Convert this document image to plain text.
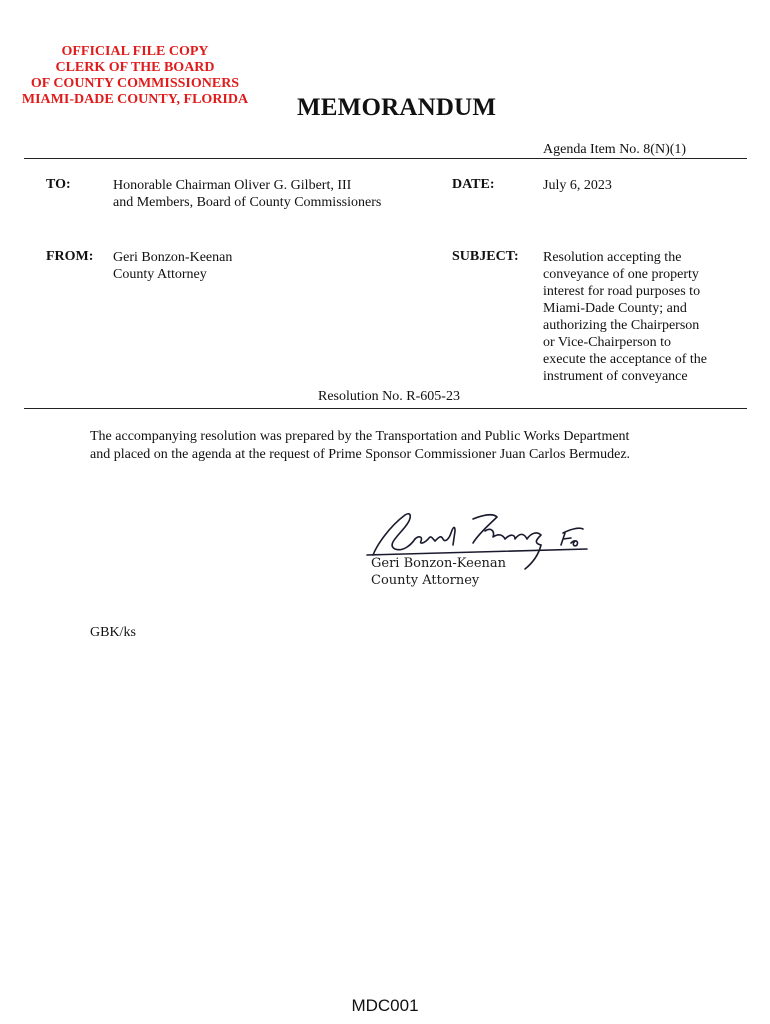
OFFICIAL FILE COPY
CLERK OF THE BOARD
OF COUNTY COMMISSIONERS
MIAMI-DADE COUNTY, FLORIDA	MEMORANDUM
Agenda Item No. 8(N)(1)
TO:	Honorable Chairman Oliver G. Gilbert, III
and Members, Board of County Commissioners
DATE:	July 6, 2023
FROM: Geri Bonzon-Keenan
County Attorney
SUBJECT: Resolution accepting the
conveyance of one property
interest for road purposes to
Miami-Dade County; and
authorizing the Chairperson
or Vice-Chairperson to
execute the acceptance of the
instrument of conveyance
Resolution No. R-605-23
The accompanying resolution was prepared by the Transportation and Public Works Department
and placed on the agenda at the request of Prime Sponsor Commissioner Juan Carlos Bermudez.
Geri Bonzon-Keenan
County Attorney
GBK/ks
MDC001
